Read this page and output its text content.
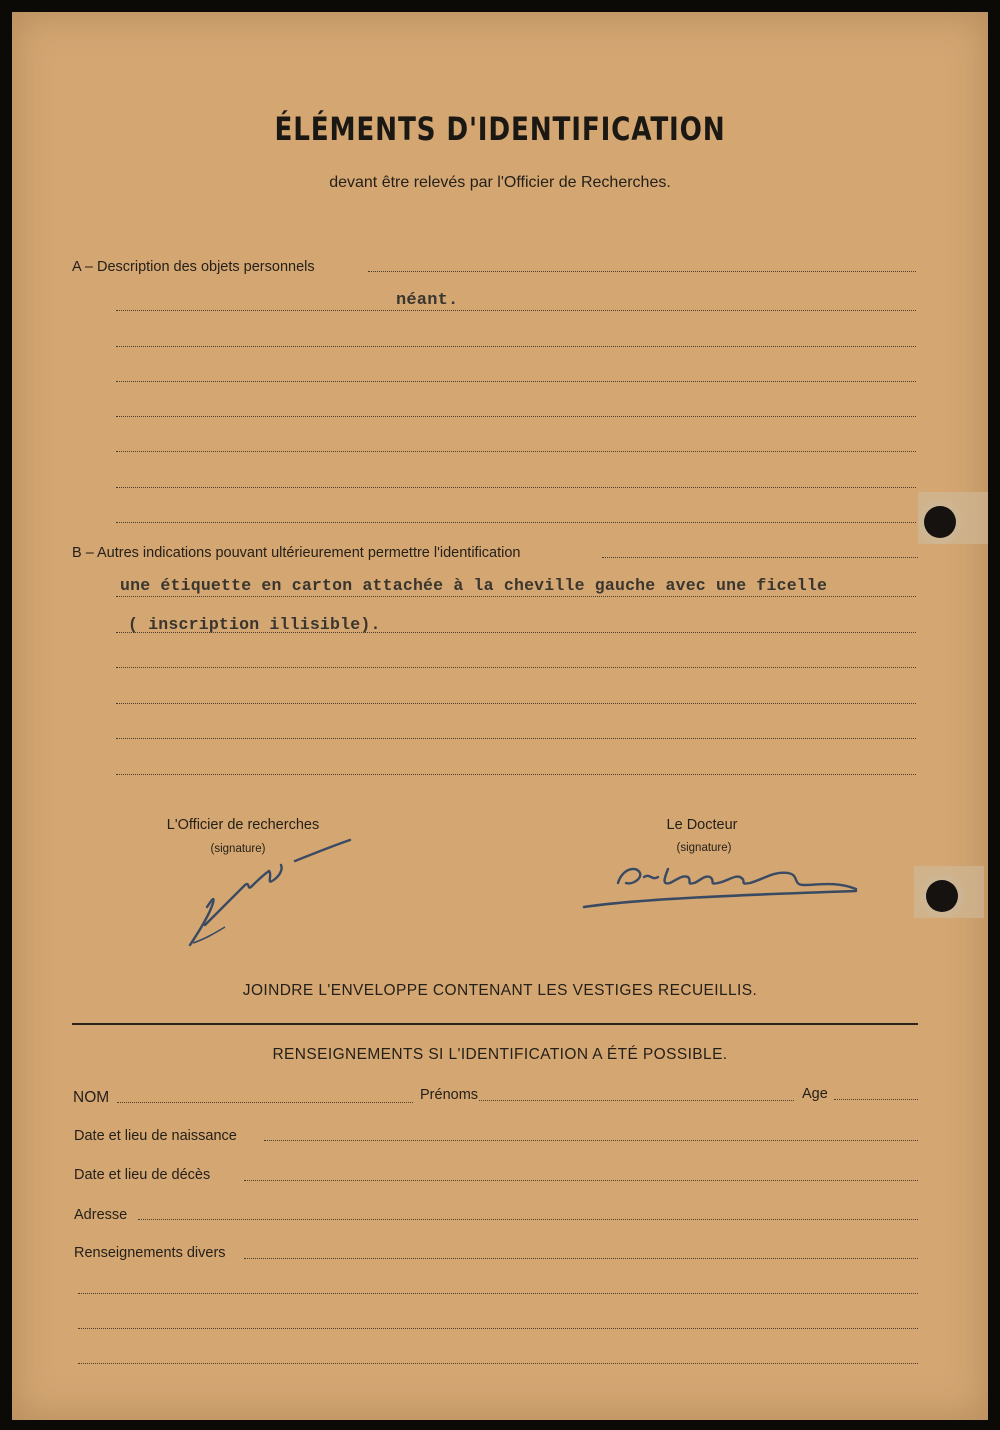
ÉLÉMENTS D'IDENTIFICATION
devant être relevés par l'Officier de Recherches.
A – Description des objets personnels
néant.
B – Autres indications pouvant ultérieurement permettre l'identification
une étiquette en carton attachée à la cheville gauche avec une ficelle
( inscription illisible).
L'Officier de recherches
(signature)
Le Docteur
(signature)
JOINDRE L'ENVELOPPE CONTENANT LES VESTIGES RECUEILLIS.
RENSEIGNEMENTS SI L'IDENTIFICATION A ÉTÉ POSSIBLE.
NOM	Prénoms	Age
Date et lieu de naissance
Date et lieu de décès
Adresse
Renseignements divers
